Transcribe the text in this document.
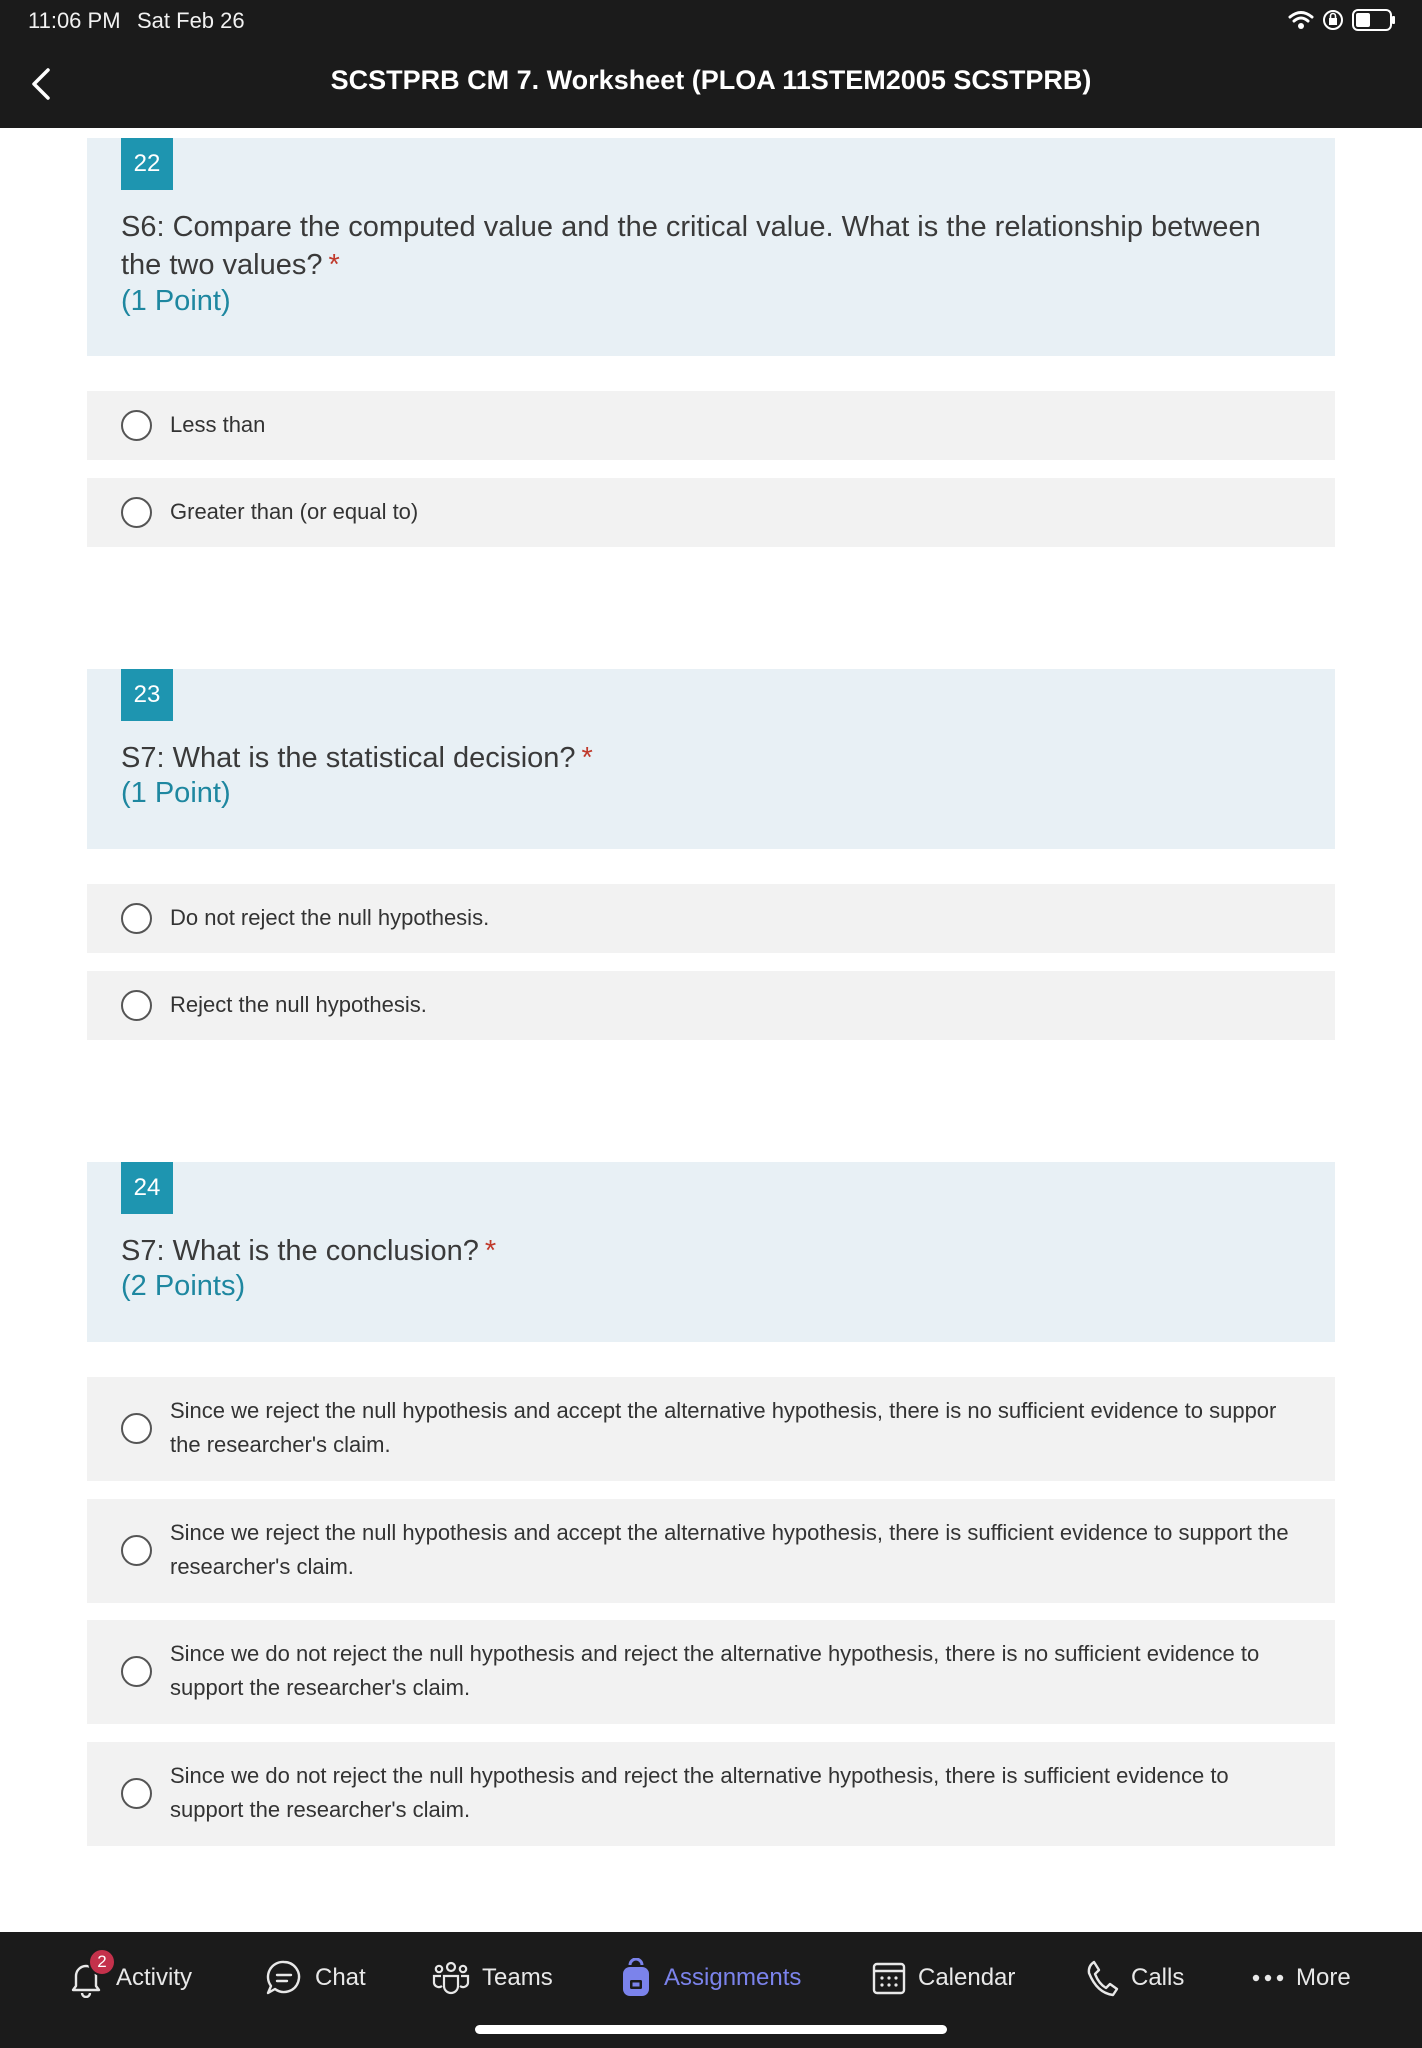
11:06 PM Sat Feb 26
SCSTPRB CM 7. Worksheet (PLOA 11STEM2005 SCSTPRB)
22
S6: Compare the computed value and the critical value. What is the relationship between the two values? *
(1 Point)
Less than
Greater than (or equal to)
23
S7: What is the statistical decision? *
(1 Point)
Do not reject the null hypothesis.
Reject the null hypothesis.
24
S7: What is the conclusion? *
(2 Points)
Since we reject the null hypothesis and accept the alternative hypothesis, there is no sufficient evidence to suppor the researcher's claim.
Since we reject the null hypothesis and accept the alternative hypothesis, there is sufficient evidence to support the researcher's claim.
Since we do not reject the null hypothesis and reject the alternative hypothesis, there is no sufficient evidence to support the researcher's claim.
Since we do not reject the null hypothesis and reject the alternative hypothesis, there is sufficient evidence to support the researcher's claim.
2
Activity	Chat	Teams	Assignments	Calendar	Calls	More
